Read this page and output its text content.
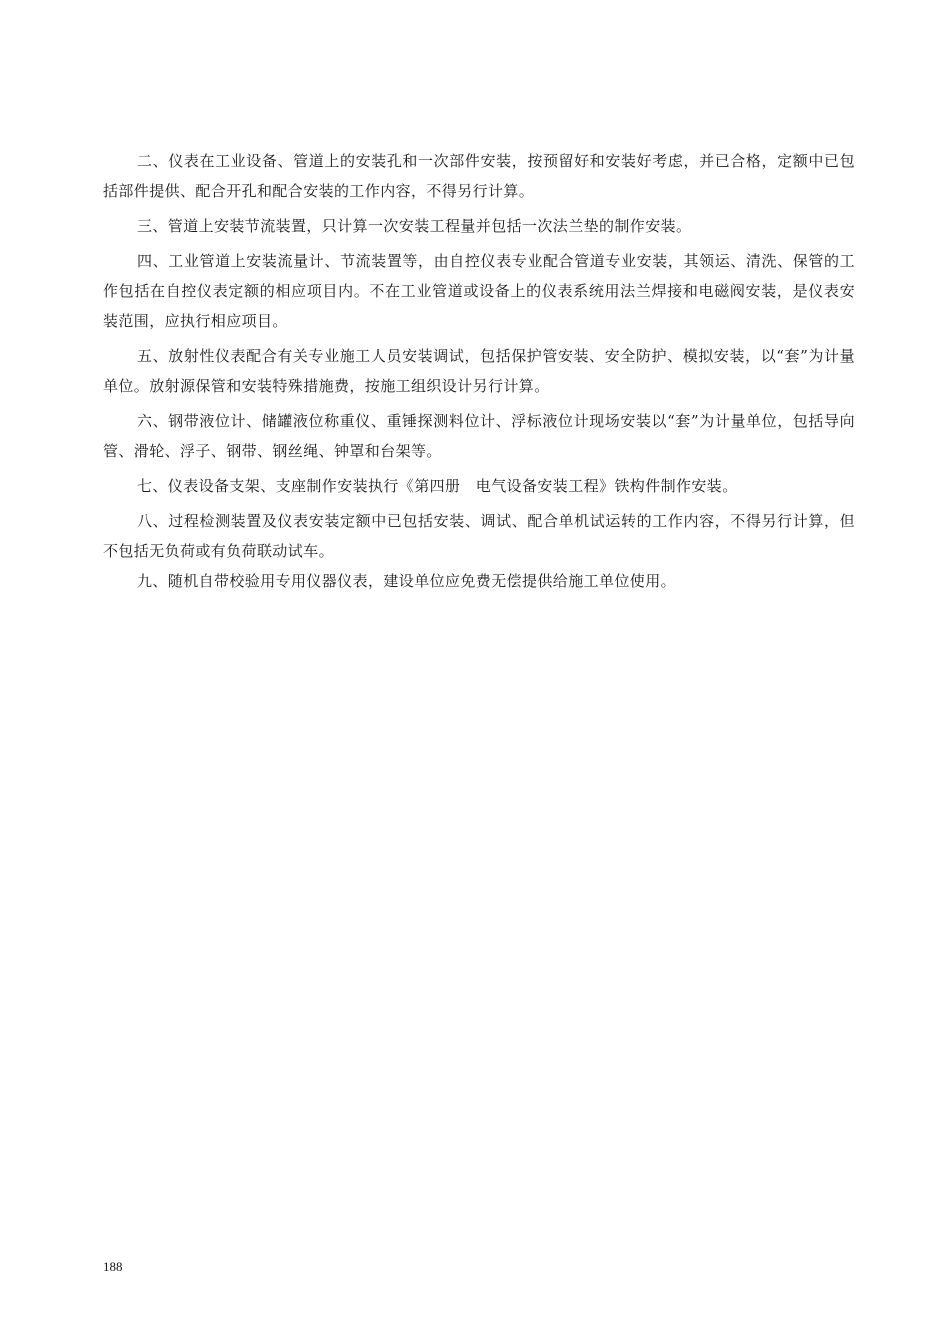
二、仪表在工业设备、管道上的安装孔和一次部件安装，按预留好和安装好考虑，并已合格，定额中已包括部件提供、配合开孔和配合安装的工作内容，不得另行计算。

三、管道上安装节流装置，只计算一次安装工程量并包括一次法兰垫的制作安装。

四、工业管道上安装流量计、节流装置等，由自控仪表专业配合管道专业安装，其领运、清洗、保管的工作包括在自控仪表定额的相应项目内。不在工业管道或设备上的仪表系统用法兰焊接和电磁阀安装，是仪表安装范围，应执行相应项目。

五、放射性仪表配合有关专业施工人员安装调试，包括保护管安装、安全防护、模拟安装，以“套”为计量单位。放射源保管和安装特殊措施费，按施工组织设计另行计算。

六、钢带液位计、储罐液位称重仪、重锤探测料位计、浮标液位计现场安装以“套”为计量单位，包括导向管、滑轮、浮子、钢带、钢丝绳、钟罩和台架等。

七、仪表设备支架、支座制作安装执行《第四册　电气设备安装工程》铁构件制作安装。

八、过程检测装置及仪表安装定额中已包括安装、调试、配合单机试运转的工作内容，不得另行计算，但不包括无负荷或有负荷联动试车。

九、随机自带校验用专用仪器仪表，建设单位应免费无偿提供给施工单位使用。

188
